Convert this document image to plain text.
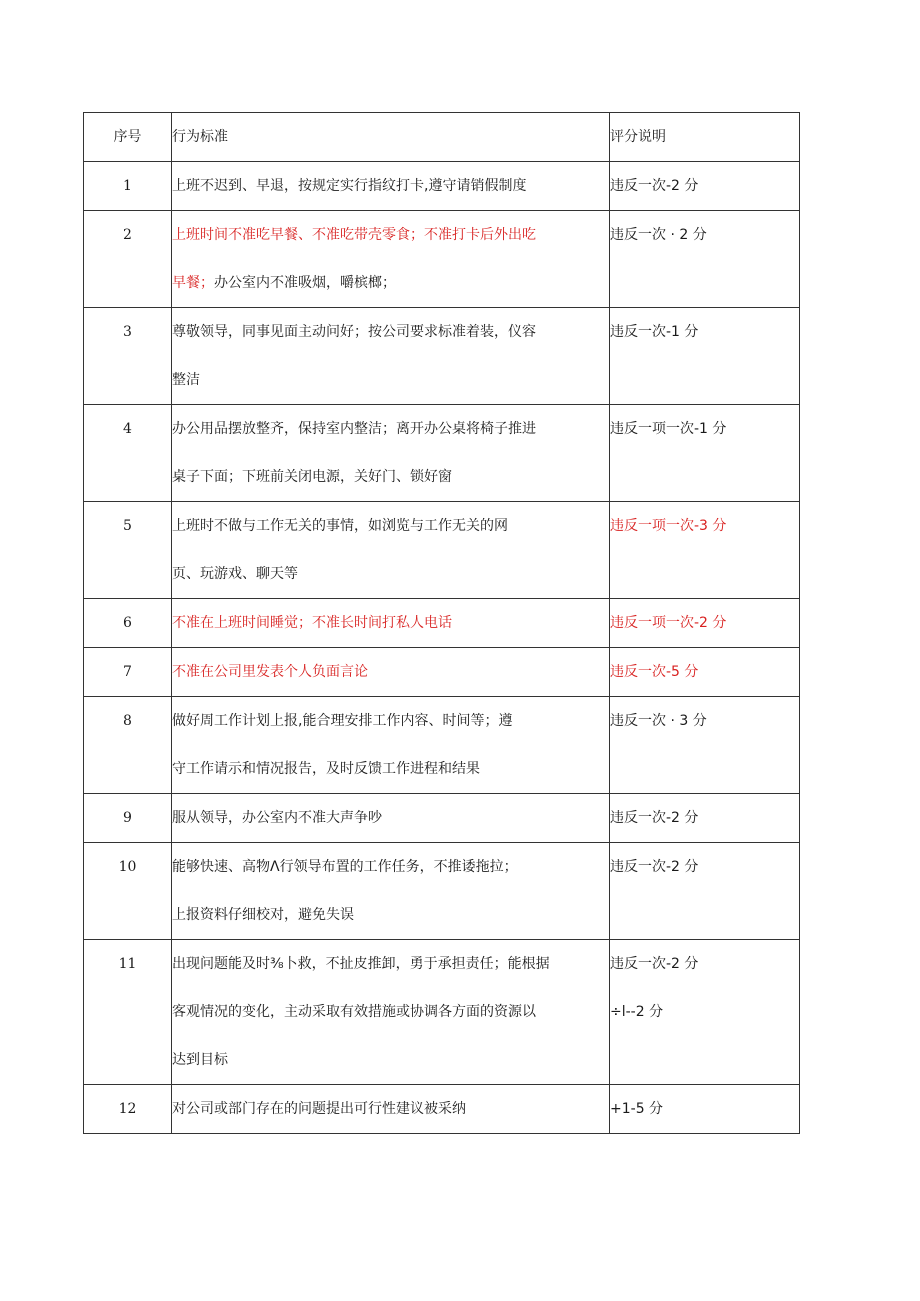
序号	行为标准	评分说明
1	上班不迟到、早退，按规定实行指纹打卡,遵守请销假制度	违反一次-2 分

2	上班时间不准吃早餐、不准吃带壳零食；不准打卡后外出吃
早餐；办公室内不准吸烟，嚼槟榔；	违反一次 · 2 分

3	尊敬领导，同事见面主动问好；按公司要求标准着装，仪容
整洁	违反一次-1 分

4	办公用品摆放整齐，保持室内整洁；离开办公桌将椅子推进
桌子下面；下班前关闭电源，关好门、锁好窗	违反一项一次-1 分

5	上班时不做与工作无关的事情，如浏览与工作无关的网
页、玩游戏、聊天等	违反一项一次-3 分

6	不准在上班时间睡觉；不准长时间打私人电话	违反一项一次-2 分

7	不准在公司里发表个人负面言论	违反一次-5 分

8	做好周工作计划上报,能合理安排工作内容、时间等；遵
守工作请示和情况报告，及时反馈工作进程和结果	违反一次 · 3 分

9	服从领导，办公室内不准大声争吵	违反一次-2 分

10	能够快速、高物Λ行领导布置的工作任务，不推诿拖拉；
上报资料仔细校对，避免失误	违反一次-2 分

11	出现问题能及时⅜卜救，不扯皮推卸，勇于承担责任；能根据
客观情况的变化，主动采取有效措施或协调各方面的资源以
达到目标	违反一次-2 分
÷l--2 分

12	对公司或部门存在的问题提出可行性建议被采纳	+1-5 分
